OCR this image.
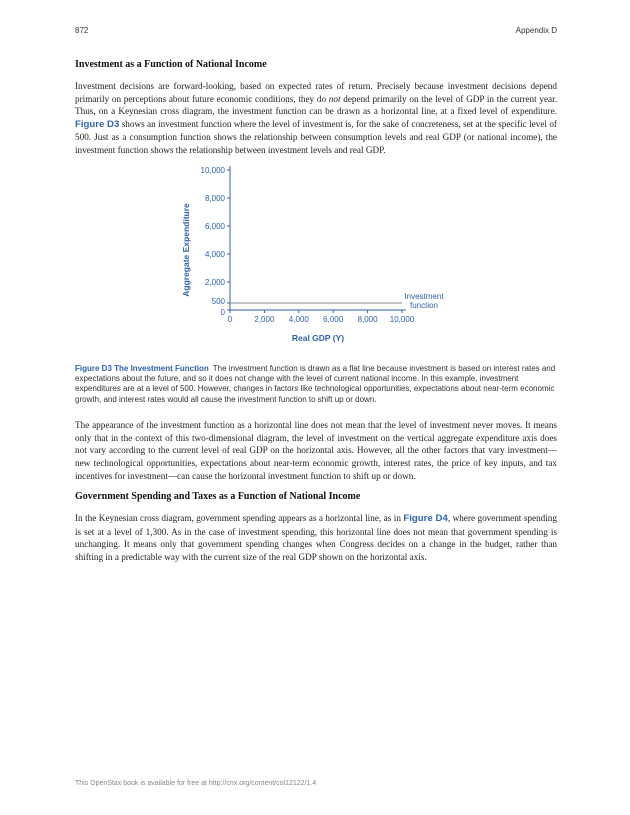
872	Appendix D
Investment as a Function of National Income

Investment decisions are forward-looking, based on expected rates of return. Precisely because investment decisions depend primarily on perceptions about future economic conditions, they do not depend primarily on the level of GDP in the current year. Thus, on a Keynesian cross diagram, the investment function can be drawn as a horizontal line, at a fixed level of expenditure. Figure D3 shows an investment function where the level of investment is, for the sake of concreteness, set at the specific level of 500. Just as a consumption function shows the relationship between consumption levels and real GDP (or national income), the investment function shows the relationship between investment levels and real GDP.

Aggregate Expenditure
Real GDP (Y)
0
500
2,000
4,000
6,000
8,000
10,000
0	2,000 4,000 6,000 8,000 10,000
Investment
function
Figure D3 The Investment Function The investment function is drawn as a flat line because investment is based on interest rates and expectations about the future, and so it does not change with the level of current national income. In this example, investment expenditures are at a level of 500. However, changes in factors like technological opportunities, expectations about near-term economic growth, and interest rates would all cause the investment function to shift up or down.

The appearance of the investment function as a horizontal line does not mean that the level of investment never moves. It means only that in the context of this two-dimensional diagram, the level of investment on the vertical aggregate expenditure axis does not vary according to the current level of real GDP on the horizontal axis. However, all the other factors that vary investment—new technological opportunities, expectations about near-term economic growth, interest rates, the price of key inputs, and tax incentives for investment—can cause the horizontal investment function to shift up or down.

Government Spending and Taxes as a Function of National Income

In the Keynesian cross diagram, government spending appears as a horizontal line, as in Figure D4, where government spending is set at a level of 1,300. As in the case of investment spending, this horizontal line does not mean that government spending is unchanging. It means only that government spending changes when Congress decides on a change in the budget, rather than shifting in a predictable way with the current size of the real GDP shown on the horizontal axis.

This OpenStax book is available for free at http://cnx.org/content/col12122/1.4
